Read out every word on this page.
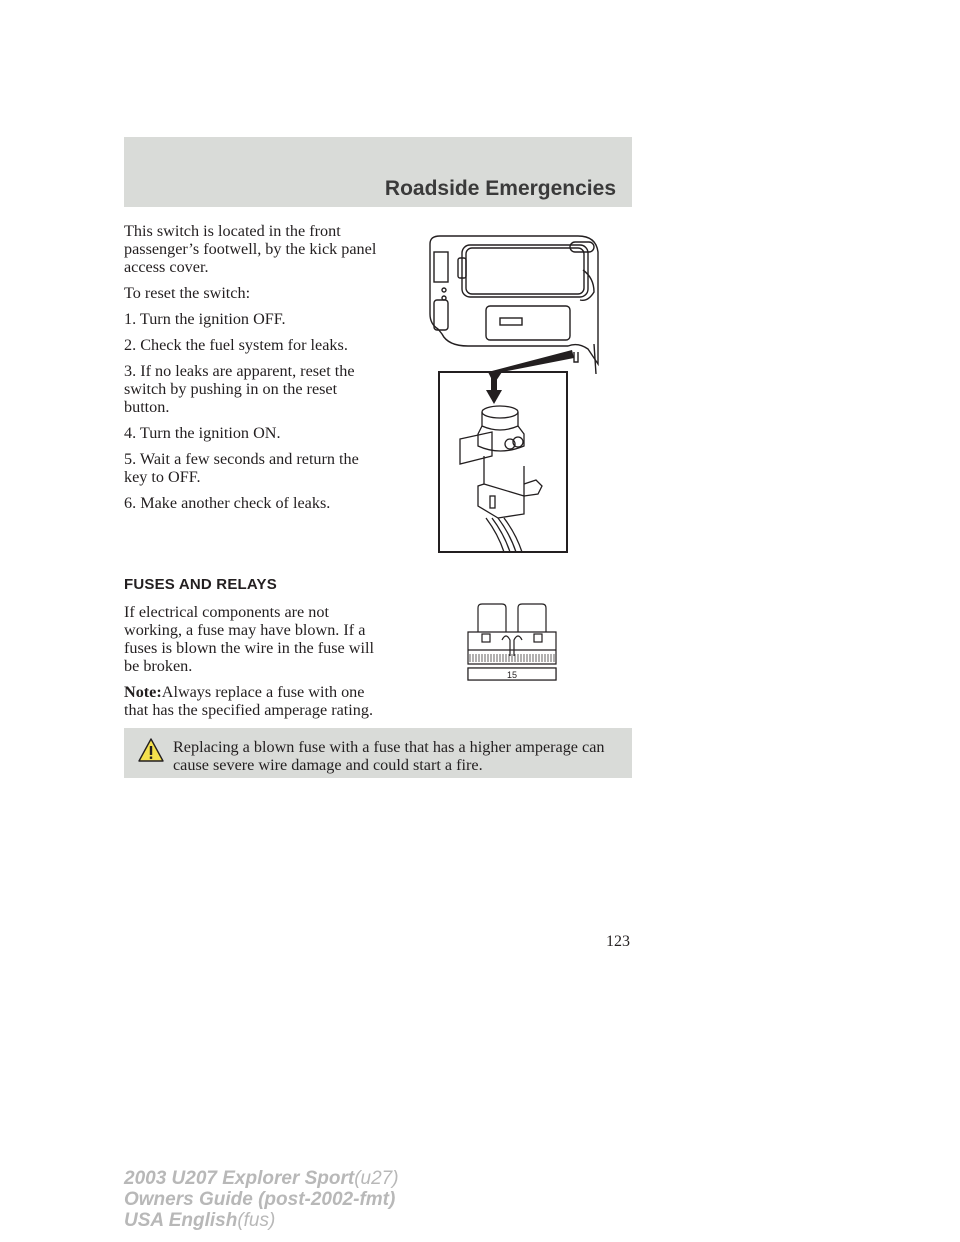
Roadside Emergencies

This switch is located in the front passenger’s footwell, by the kick panel access cover.

To reset the switch:

1. Turn the ignition OFF.

2. Check the fuel system for leaks.

3. If no leaks are apparent, reset the switch by pushing in on the reset button.

4. Turn the ignition ON.

5. Wait a few seconds and return the key to OFF.

6. Make another check of leaks.

FUSES AND RELAYS

If electrical components are not working, a fuse may have blown. If a fuses is blown the wire in the fuse will be broken.

Note:Always replace a fuse with one that has the specified amperage rating.

15

Replacing a blown fuse with a fuse that has a higher amperage can cause severe wire damage and could start a fire.

123

2003 U207 Explorer Sport(u27)
Owners Guide (post-2002-fmt)
USA English(fus)
